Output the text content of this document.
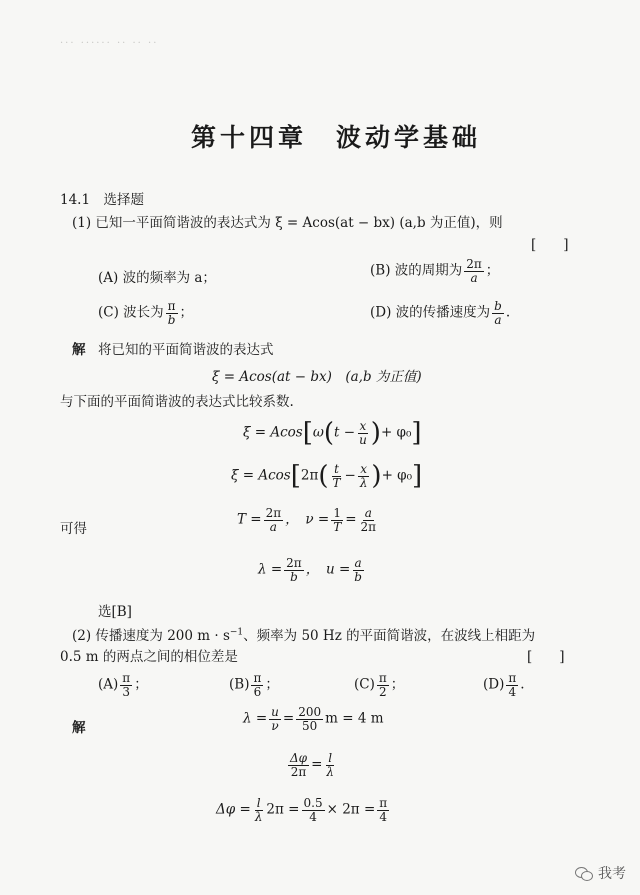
··· ······ ·· ·· ··
第十四章　波动学基础
14.1　选择题
(1) 已知一平面简谐波的表达式为 ξ = Acos(at − bx) (a,b 为正值)，则
[　　]
(A) 波的频率为 a；	(B) 波的周期为 $\frac{2\pi}{a}$ ；
(C) 波长为 $\frac{\pi}{b}$ ；	(D) 波的传播速度为 $\frac{b}{a}$ .
解 将已知的平面简谐波的表达式
ξ = Acos(at − bx)　(a,b 为正值)
与下面的平面简谐波的表达式比较系数.
$\xi = Acos[\omega(t - \frac{x}{u}$ )+ φ₀]
$\xi = Acos[2\pi( \frac{t}{T} - \frac{x}{\lambda}$ )+ φ₀]
可得
$T = \frac{2\pi}{a}$ ，　$\nu = \frac{1}{T} = \frac{a}{2\pi}$
$\lambda = \frac{2\pi}{b}$ ，　$u = \frac{a}{b}$
选[B]
(2) 传播速度为 200 $m \cdot s^{-1}$、频率为 50 Hz 的平面简谐波，在波线上相距为
0.5 m 的两点之间的相位差是	[　　]
$(A) \frac{\pi}{3}$ ；	$(B) \frac{\pi}{6}$ ；	$(C) \frac{\pi}{2}$ ；	$(D) \frac{\pi}{4}$ .
解
$\lambda = \frac{u}{\nu} = \frac{200}{50}$ m = 4 m
$\frac{\Delta\varphi}{2\pi} = \frac{l}{\lambda}$
$\Delta\varphi = \frac{l}{\lambda} 2\pi = \frac{0.5}{4} \times 2\pi = \frac{\pi}{4}$
我考
